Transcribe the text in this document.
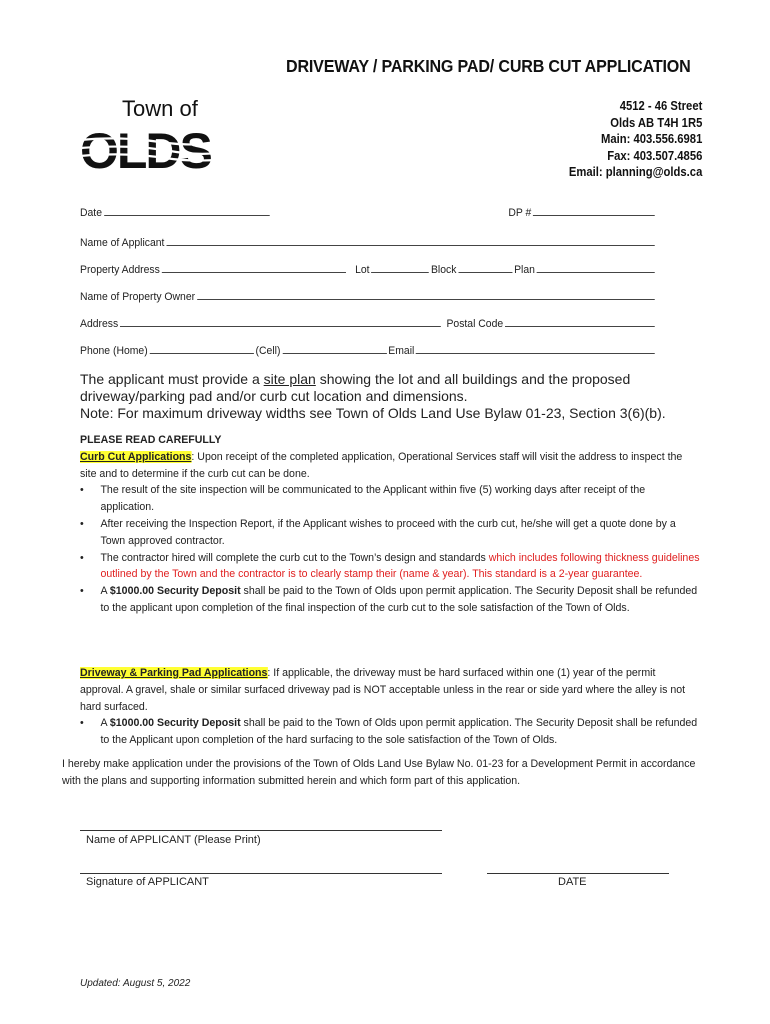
DRIVEWAY / PARKING PAD/ CURB CUT APPLICATION
Town of
OLDS
4512 - 46 Street
Olds AB T4H 1R5
Main: 403.556.6981
Fax: 403.507.4856
Email: planning@olds.ca
Date	DP #
Name of Applicant
Property Address	Lot	Block	Plan
Name of Property Owner
Address	Postal Code
Phone (Home)	(Cell)	Email
The applicant must provide a site plan showing the lot and all buildings and the proposed driveway/parking pad and/or curb cut location and dimensions.
Note: For maximum driveway widths see Town of Olds Land Use Bylaw 01-23, Section 3(6)(b).
PLEASE READ CAREFULLY
Curb Cut Applications: Upon receipt of the completed application, Operational Services staff will visit the address to inspect the site and to determine if the curb cut can be done.
• The result of the site inspection will be communicated to the Applicant within five (5) working days after receipt of the application.
• After receiving the Inspection Report, if the Applicant wishes to proceed with the curb cut, he/she will get a quote done by a Town approved contractor.
• The contractor hired will complete the curb cut to the Town’s design and standards which includes following thickness guidelines outlined by the Town and the contractor is to clearly stamp their (name & year). This standard is a 2-year guarantee.
• A $1000.00 Security Deposit shall be paid to the Town of Olds upon permit application. The Security Deposit shall be refunded to the applicant upon completion of the final inspection of the curb cut to the sole satisfaction of the Town of Olds.
Driveway & Parking Pad Applications: If applicable, the driveway must be hard surfaced within one (1) year of the permit approval. A gravel, shale or similar surfaced driveway pad is NOT acceptable unless in the rear or side yard where the alley is not hard surfaced.
• A $1000.00 Security Deposit shall be paid to the Town of Olds upon permit application. The Security Deposit shall be refunded to the Applicant upon completion of the hard surfacing to the sole satisfaction of the Town of Olds.
I hereby make application under the provisions of the Town of Olds Land Use Bylaw No. 01-23 for a Development Permit in accordance with the plans and supporting information submitted herein and which form part of this application.
Name of APPLICANT (Please Print)
Signature of APPLICANT	DATE
Updated: August 5, 2022
